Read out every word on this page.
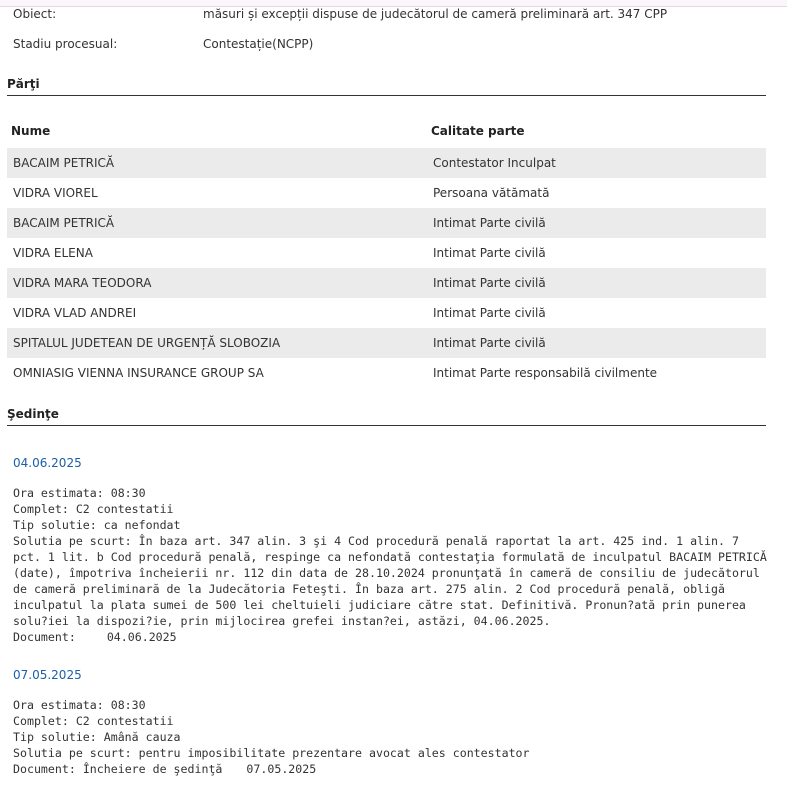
Obiect:	măsuri și excepții dispuse de judecătorul de cameră preliminară art. 347 CPP
Stadiu procesual:	Contestație(NCPP)
Părţi
Nume	Calitate parte
BACAIM PETRICĂ	Contestator Inculpat
VIDRA VIOREL	Persoana vătămată
BACAIM PETRICĂ	Intimat Parte civilă
VIDRA ELENA	Intimat Parte civilă
VIDRA MARA TEODORA	Intimat Parte civilă
VIDRA VLAD ANDREI	Intimat Parte civilă
SPITALUL JUDETEAN DE URGENȚĂ SLOBOZIA	Intimat Parte civilă
OMNIASIG VIENNA INSURANCE GROUP SA	Intimat Parte responsabilă civilmente
Şedinţe
04.06.2025
Ora estimata: 08:30
Complet: C2 contestatii
Tip solutie: ca nefondat
Solutia pe scurt: În baza art. 347 alin. 3 şi 4 Cod procedură penală raportat la art. 425 ind. 1 alin. 7 pct. 1 lit. b Cod procedură penală, respinge ca nefondată contestaţia formulată de inculpatul BACAIM PETRICĂ (date), împotriva încheierii nr. 112 din data de 28.10.2024 pronunţată în cameră de consiliu de judecătorul de cameră preliminară de la Judecătoria Feteşti. În baza art. 275 alin. 2 Cod procedură penală, obligă inculpatul la plata sumei de 500 lei cheltuieli judiciare către stat. Definitivă. Pronun?ată prin punerea solu?iei la dispozi?ie, prin mijlocirea grefei instan?ei, astăzi, 04.06.2025.
Document:	04.06.2025
07.05.2025
Ora estimata: 08:30
Complet: C2 contestatii
Tip solutie: Amână cauza
Solutia pe scurt: pentru imposibilitate prezentare avocat ales contestator
Document: Încheiere de şedinţă 07.05.2025
